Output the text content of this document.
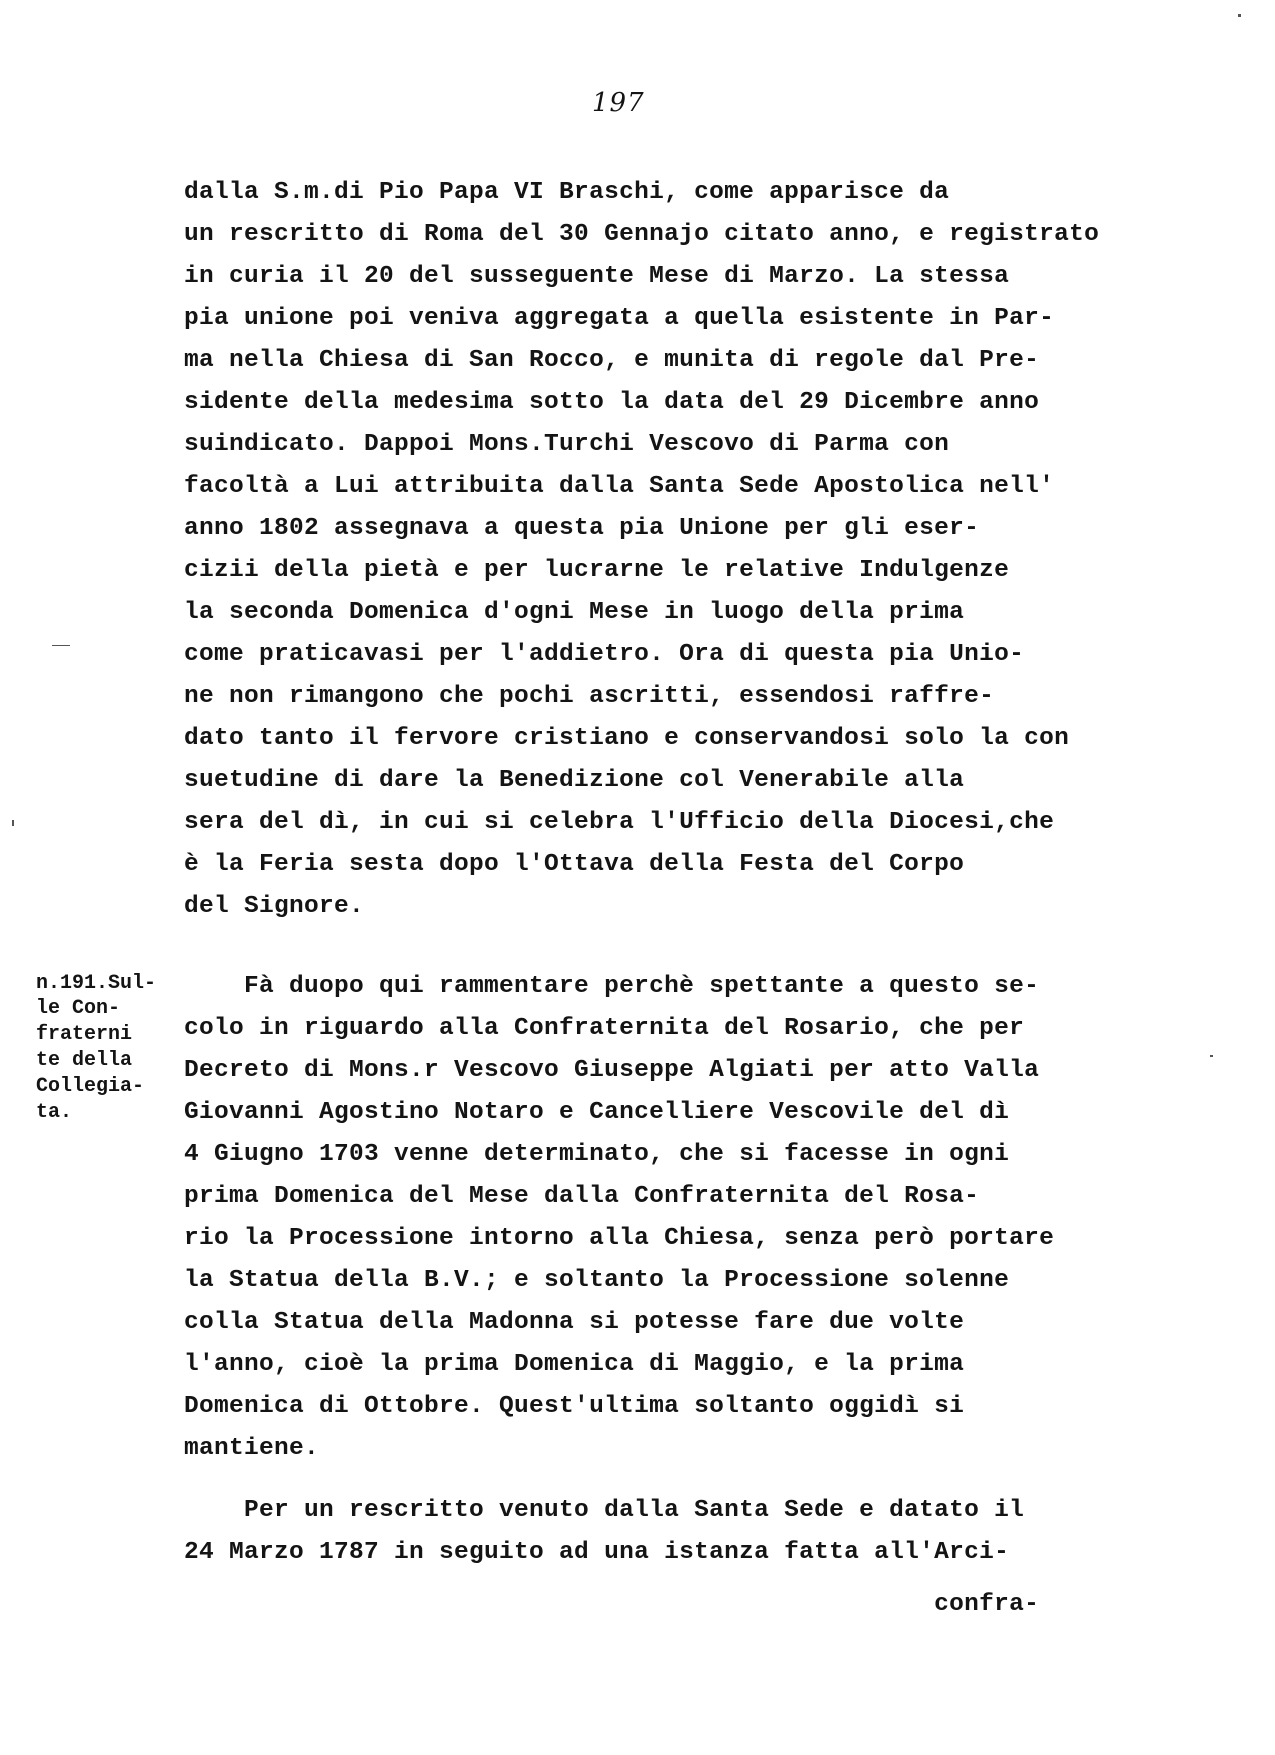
197
n.191.Sul-
le Con-
fraterni
te della
Collegia-
ta.
dalla S.m.di Pio Papa VI Braschi, come apparisce da
un rescritto di Roma del 30 Gennajo citato anno, e registrato
in curia il 20 del susseguente Mese di Marzo. La stessa
pia unione poi veniva aggregata a quella esistente in Par-
ma nella Chiesa di San Rocco, e munita di regole dal Pre-
sidente della medesima sotto la data del 29 Dicembre anno
suindicato. Dappoi Mons.Turchi Vescovo di Parma con
facoltà a Lui attribuita dalla Santa Sede Apostolica nell'
anno 1802 assegnava a questa pia Unione per gli eser-
cizii della pietà e per lucrarne le relative Indulgenze
la seconda Domenica d'ogni Mese in luogo della prima
come praticavasi per l'addietro. Ora di questa pia Unio-
ne non rimangono che pochi ascritti, essendosi raffre-
dato tanto il fervore cristiano e conservandosi solo la con
suetudine di dare la Benedizione col Venerabile alla
sera del dì, in cui si celebra l'Ufficio della Diocesi,che
è la Feria sesta dopo l'Ottava della Festa del Corpo
del Signore.
Fà duopo qui rammentare perchè spettante a questo se-
colo in riguardo alla Confraternita del Rosario, che per
Decreto di Mons.r Vescovo Giuseppe Algiati per atto Valla
Giovanni Agostino Notaro e Cancelliere Vescovile del dì
4 Giugno 1703 venne determinato, che si facesse in ogni
prima Domenica del Mese dalla Confraternita del Rosa-
rio la Processione intorno alla Chiesa, senza però portare
la Statua della B.V.; e soltanto la Processione solenne
colla Statua della Madonna si potesse fare due volte
l'anno, cioè la prima Domenica di Maggio, e la prima
Domenica di Ottobre. Quest'ultima soltanto oggidì si
mantiene.
Per un rescritto venuto dalla Santa Sede e datato il
24 Marzo 1787 in seguito ad una istanza fatta all'Arci-
confra-
